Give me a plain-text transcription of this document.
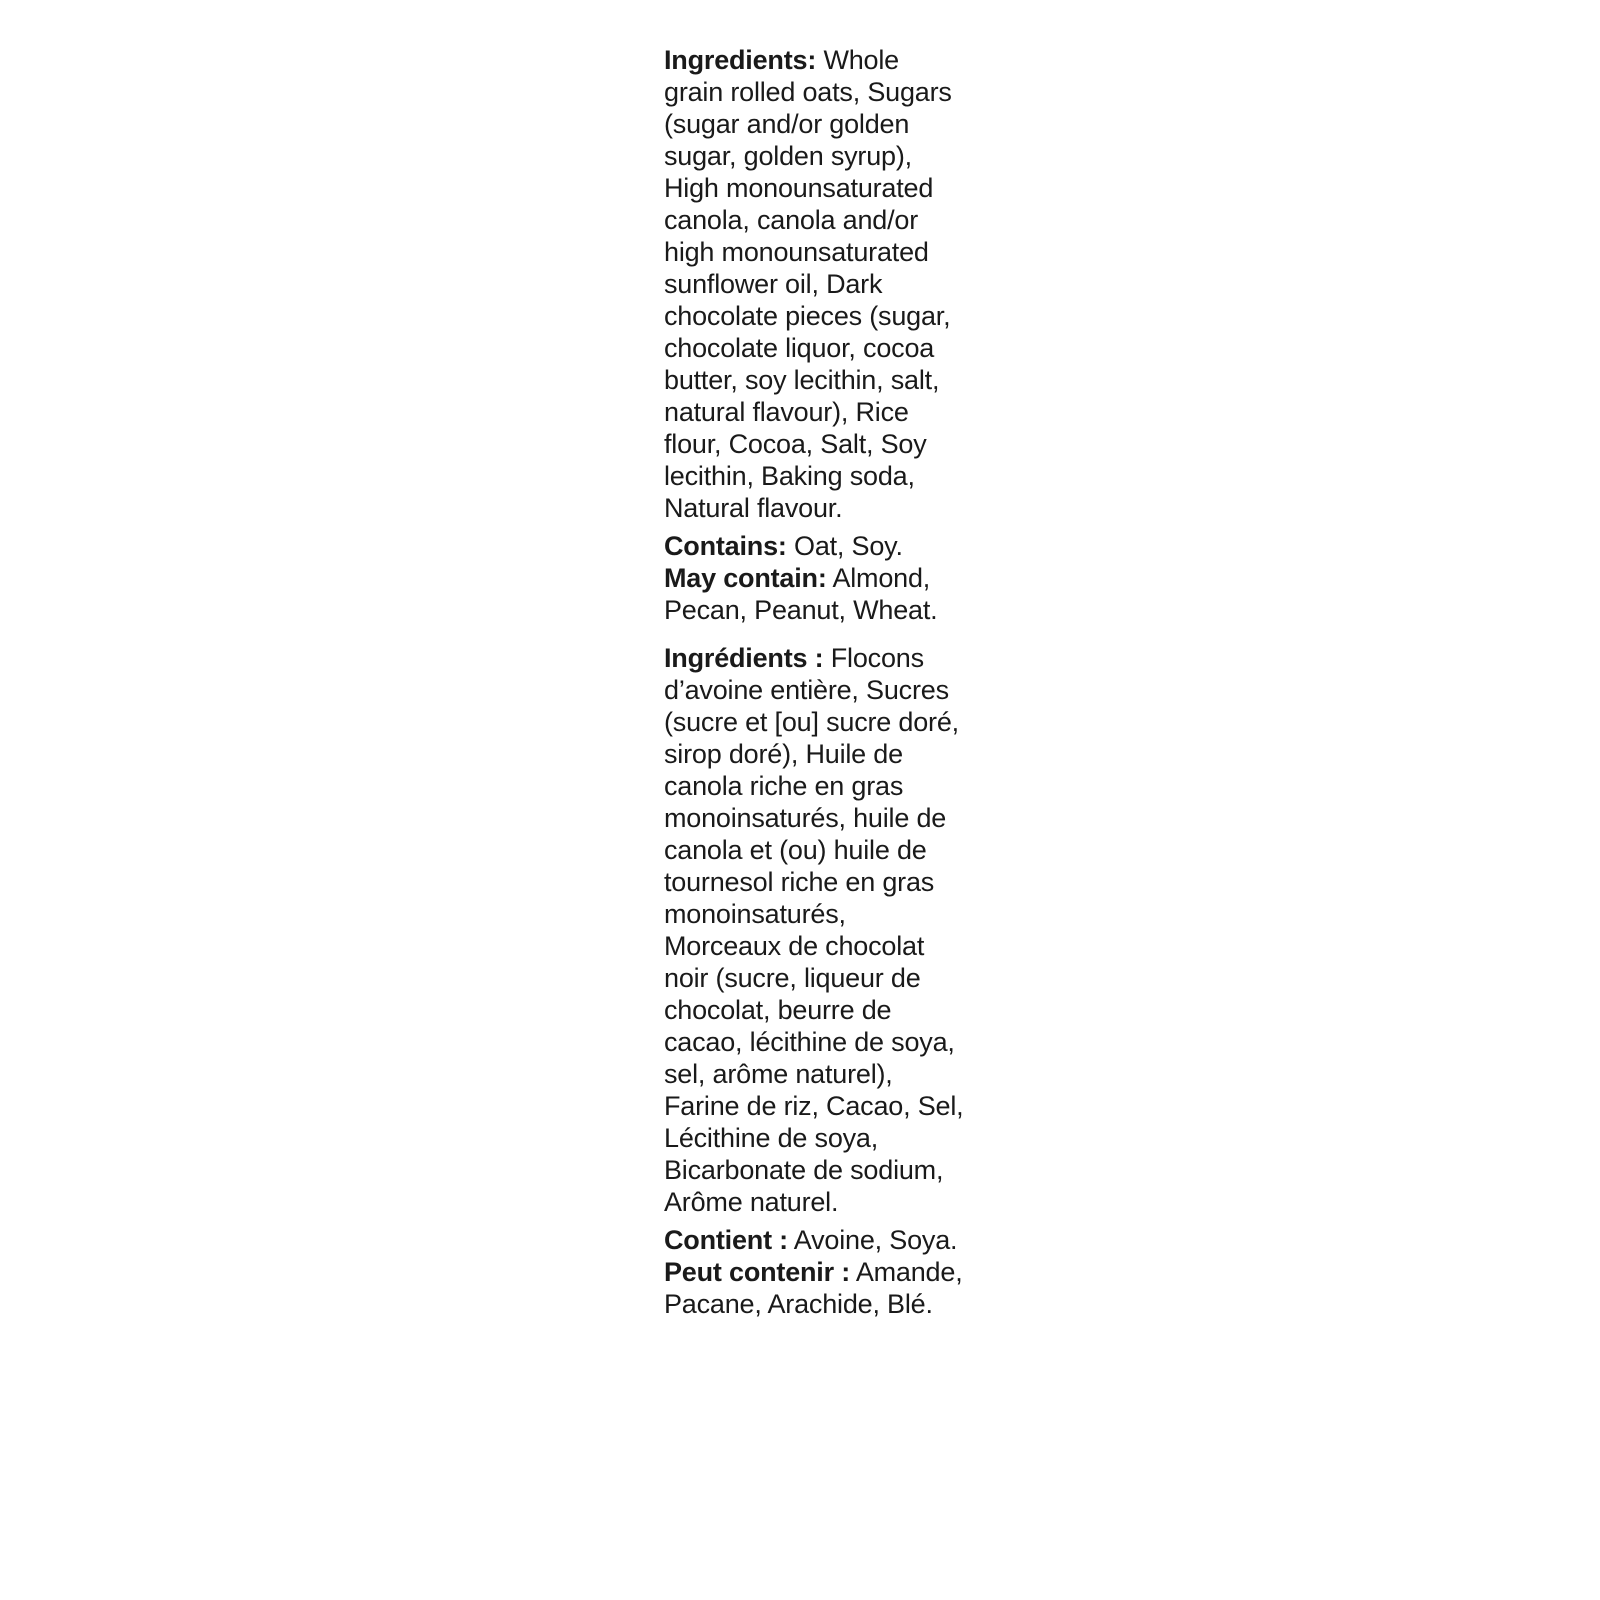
Ingredients: Whole grain rolled oats, Sugars (sugar and/or golden sugar, golden syrup), High monounsaturated canola, canola and/or high monounsaturated sunflower oil, Dark chocolate pieces (sugar, chocolate liquor, cocoa butter, soy lecithin, salt, natural flavour), Rice flour, Cocoa, Salt, Soy lecithin, Baking soda, Natural flavour.

Contains: Oat, Soy.

May contain: Almond, Pecan, Peanut, Wheat.

Ingrédients : Flocons d’avoine entière, Sucres (sucre et [ou] sucre doré, sirop doré), Huile de canola riche en gras monoinsaturés, huile de canola et (ou) huile de tournesol riche en gras monoinsaturés, Morceaux de chocolat noir (sucre, liqueur de chocolat, beurre de cacao, lécithine de soya, sel, arôme naturel), Farine de riz, Cacao, Sel, Lécithine de soya, Bicarbonate de sodium, Arôme naturel.

Contient : Avoine, Soya.

Peut contenir : Amande, Pacane, Arachide, Blé.
